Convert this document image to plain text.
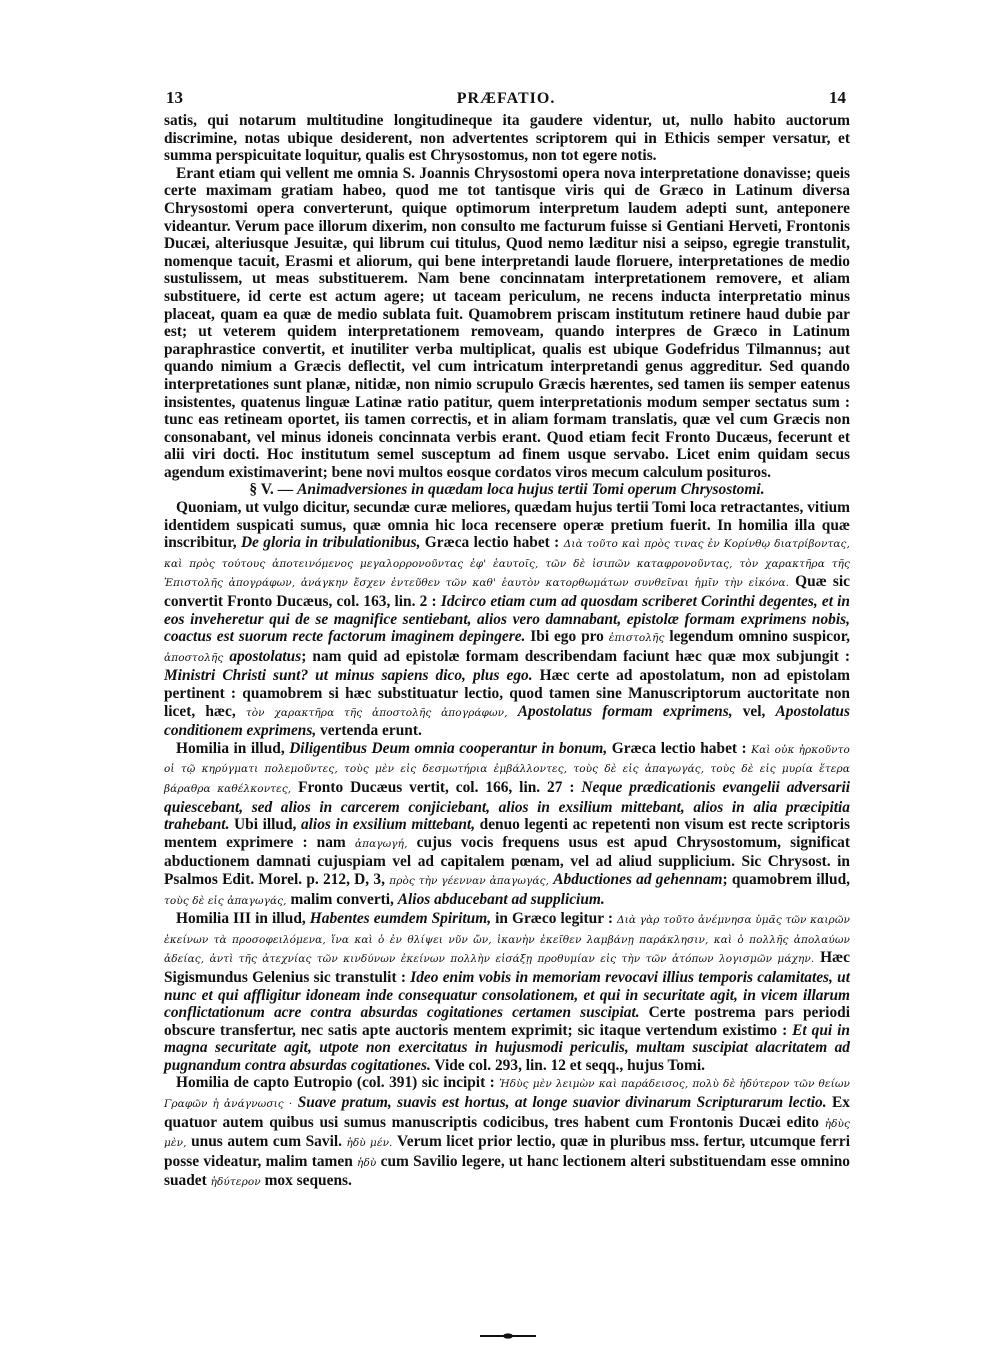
13	PRÆFATIO.	14

satis, qui notarum multitudine longitudineque ita gaudere videntur, ut, nullo habito auctorum discrimine, notas ubique desiderent, non advertentes scriptorem qui in Ethicis semper versatur, et summa perspicuitate loquitur, qualis est Chrysostomus, non tot egere notis.

Erant etiam qui vellent me omnia S. Joannis Chrysostomi opera nova interpretatione donavisse; queis certe maximam gratiam habeo, quod me tot tantisque viris qui de Græco in Latinum diversa Chrysostomi opera converterunt, quique optimorum interpretum laudem adepti sunt, anteponere videantur. Verum pace illorum dixerim, non consulto me facturum fuisse si Gentiani Herveti, Frontonis Ducæi, alteriusque Jesuitæ, qui librum cui titulus, Quod nemo læditur nisi a seipso, egregie transtulit, nomenque tacuit, Erasmi et aliorum, qui bene interpretandi laude floruere, interpretationes de medio sustulissem, ut meas substituerem. Nam bene concinnatam interpretationem removere, et aliam substituere, id certe est actum agere; ut taceam periculum, ne recens inducta interpretatio minus placeat, quam ea quæ de medio sublata fuit. Quamobrem priscam institutum retinere haud dubie par est; ut veterem quidem interpretationem removeam, quando interpres de Græco in Latinum paraphrastice convertit, et inutiliter verba multiplicat, qualis est ubique Godefridus Tilmannus; aut quando nimium a Græcis deflectit, vel cum intricatum interpretandi genus aggreditur. Sed quando interpretationes sunt planæ, nitidæ, non nimio scrupulo Græcis hærentes, sed tamen iis semper eatenus insistentes, quatenus linguæ Latinæ ratio patitur, quem interpretationis modum semper sectatus sum : tunc eas retineam oportet, iis tamen correctis, et in aliam formam translatis, quæ vel cum Græcis non consonabant, vel minus idoneis concinnata verbis erant. Quod etiam fecit Fronto Ducæus, fecerunt et alii viri docti. Hoc institutum semel susceptum ad finem usque servabo. Licet enim quidam secus agendum existimaverint; bene novi multos eosque cordatos viros mecum calculum posituros.

§ V. — Animadversiones in quædam loca hujus tertii Tomi operum Chrysostomi.

Quoniam, ut vulgo dicitur, secundæ curæ meliores, quædam hujus tertii Tomi loca retractantes, vitium identidem suspicati sumus, quæ omnia hic loca recensere operæ pretium fuerit. In homilia illa quæ inscribitur, De gloria in tribulationibus, Græca lectio habet : Διὰ τοῦτο καὶ πρὸς τινας ἐν Κορίνθῳ διατρίβοντας, καὶ πρὸς τούτους ἀποτεινόμενος μεγαλορρονοῦντας ἐφ' ἑαυτοῖς, τῶν δὲ ἰσιπῶν καταφρονοῦντας, τὸν χαρακτῆρα τῆς Ἐπιστολῆς ἀπογράφων, ἀνάγκην ἔσχεν ἐντεῦθεν τῶν καθ' ἑαυτὸν κατορθωμάτων συνθεῖναι ἡμῖν τὴν εἰκόνα. Quæ sic convertit Fronto Ducæus, col. 163, lin. 2 : Idcirco etiam cum ad quosdam scriberet Corinthi degentes, et in eos inveheretur qui de se magnifice sentiebant, alios vero damnabant, epistolæ formam exprimens nobis, coactus est suorum recte factorum imaginem depingere. Ibi ego pro ἐπιστολῆς legendum omnino suspicor, ἀποστολῆς apostolatus; nam quid ad epistolæ formam describendam faciunt hæc quæ mox subjungit : Ministri Christi sunt? ut minus sapiens dico, plus ego. Hæc certe ad apostolatum, non ad epistolam pertinent : quamobrem si hæc substituatur lectio, quod tamen sine Manuscriptorum auctoritate non licet, hæc, τὸν χαρακτῆρα τῆς ἀποστολῆς ἀπογράφων, Apostolatus formam exprimens, vel, Apostolatus conditionem exprimens, vertenda erunt.

Homilia in illud, Diligentibus Deum omnia cooperantur in bonum, Græca lectio habet : Καὶ οὐκ ἠρκοῦντο οἱ τῷ κηρύγματι πολεμοῦντες, τοὺς μὲν εἰς δεσμωτήρια ἐμβάλλοντες, τοὺς δὲ εἰς ἀπαγωγάς, τοὺς δὲ εἰς μυρία ἕτερα βάραθρα καθέλκοντες, Fronto Ducæus vertit, col. 166, lin. 27 : Neque prædicationis evangelii adversarii quiescebant, sed alios in carcerem conjiciebant, alios in exsilium mittebant, alios in alia præcipitia trahebant. Ubi illud, alios in exsilium mittebant, denuo legenti ac repetenti non visum est recte scriptoris mentem exprimere : nam ἀπαγωγή, cujus vocis frequens usus est apud Chrysostomum, significat abductionem damnati cujuspiam vel ad capitalem pœnam, vel ad aliud supplicium. Sic Chrysost. in Psalmos Edit. Morel. p. 212, D, 3, πρὸς τὴν γέενναν ἀπαγωγάς, Abductiones ad gehennam; quamobrem illud, τοὺς δὲ εἰς ἀπαγωγάς, malim converti, Alios abducebant ad supplicium.

Homilia III in illud, Habentes eumdem Spiritum, in Græco legitur : Διὰ γὰρ τοῦτο ἀνέμνησα ὑμᾶς τῶν καιρῶν ἐκείνων τὰ προσοφειλόμενα, ἵνα καὶ ὁ ἐν θλίψει νῦν ὤν, ἱκανὴν ἐκεῖθεν λαμβάνῃ παράκλησιν, καὶ ὁ πολλῆς ἀπολαύων ἀδείας, ἀντὶ τῆς ἀτεχνίας τῶν κινδύνων ἐκείνων πολλὴν εἰσάξῃ προθυμίαν εἰς τὴν τῶν ἀτόπων λογισμῶν μάχην. Hæc Sigismundus Gelenius sic transtulit : Ideo enim vobis in memoriam revocavi illius temporis calamitates, ut nunc et qui affligitur idoneam inde consequatur consolationem, et qui in securitate agit, in vicem illarum conflictationum acre contra absurdas cogitationes certamen suscipiat. Certe postrema pars periodi obscure transfertur, nec satis apte auctoris mentem exprimit; sic itaque vertendum existimo : Et qui in magna securitate agit, utpote non exercitatus in hujusmodi periculis, multam suscipiat alacritatem ad pugnandum contra absurdas cogitationes. Vide col. 293, lin. 12 et seqq., hujus Tomi.

Homilia de capto Eutropio (col. 391) sic incipit : Ἡδὺς μὲν λειμὼν καὶ παράδεισος, πολὺ δὲ ἡδύτερον τῶν θείων Γραφῶν ἡ ἀνάγνωσις · Suave pratum, suavis est hortus, at longe suavior divinarum Scripturarum lectio. Ex quatuor autem quibus usi sumus manuscriptis codicibus, tres habent cum Frontonis Ducæi edito ἡδὺς μὲν, unus autem cum Savil. ἡδὺ μέν. Verum licet prior lectio, quæ in pluribus mss. fertur, utcumque ferri posse videatur, malim tamen ἡδὺ cum Savilio legere, ut hanc lectionem alteri substituendam esse omnino suadet ἡδύτερον mox sequens.
